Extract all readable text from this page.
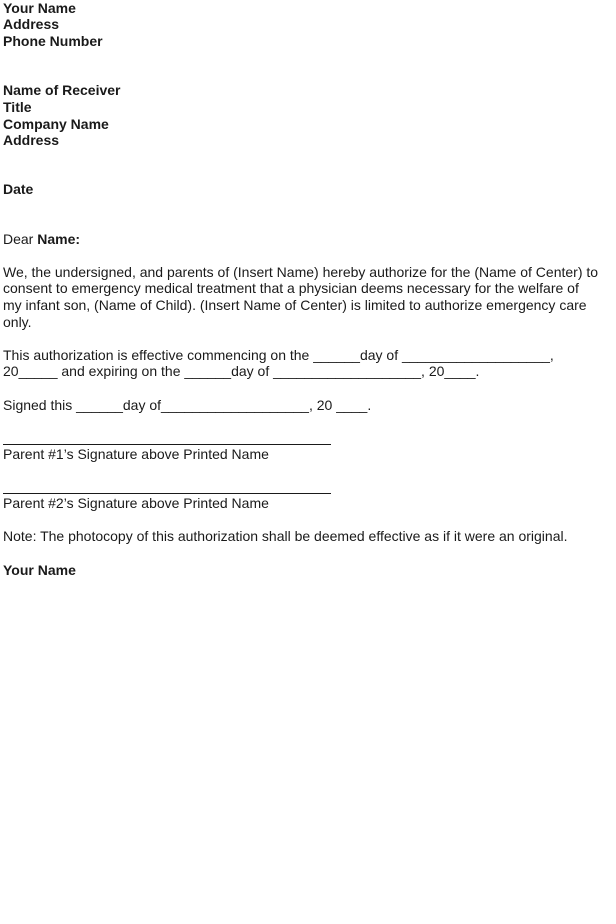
Your Name
Address
Phone Number
Name of Receiver
Title
Company Name
Address
Date
Dear Name:
We, the undersigned, and parents of (Insert Name) hereby authorize for the (Name of Center) to
consent to emergency medical treatment that a physician deems necessary for the welfare of
my infant son, (Name of Child). (Insert Name of Center) is limited to authorize emergency care
only.
This authorization is effective commencing on the ______day of ___________________,
20_____ and expiring on the ______day of ___________________, 20____.
Signed this ______day of___________________, 20 ____.
Parent #1’s Signature above Printed Name
Parent #2’s Signature above Printed Name
Note: The photocopy of this authorization shall be deemed effective as if it were an original.
Your Name
